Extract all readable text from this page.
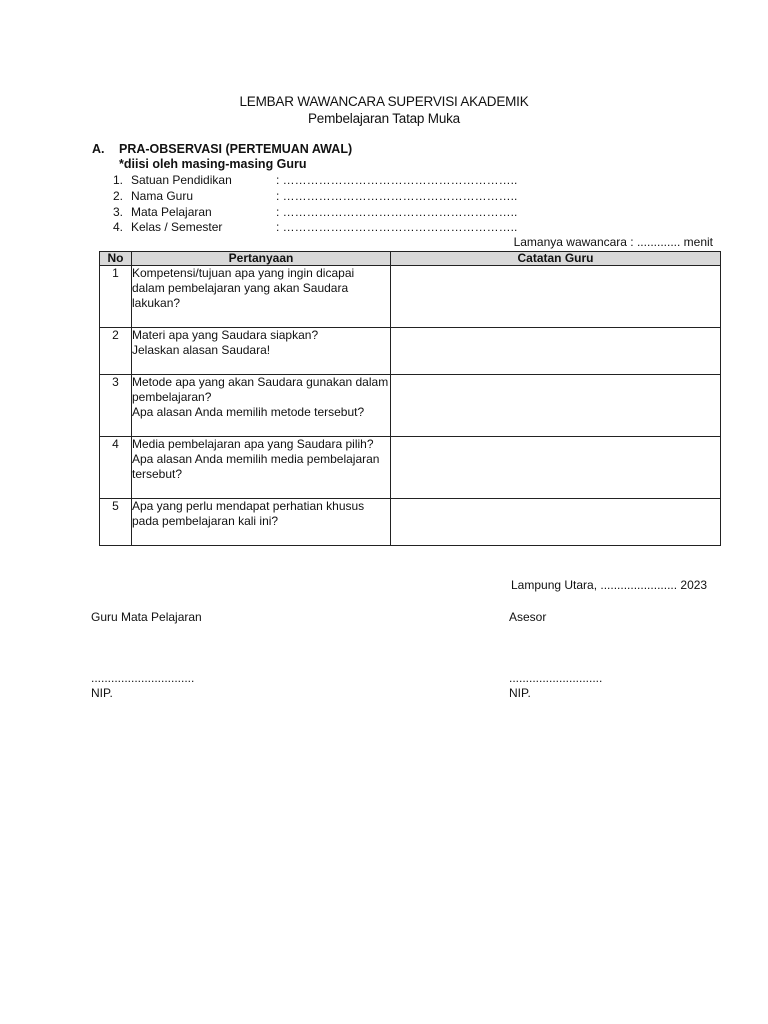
LEMBAR WAWANCARA SUPERVISI AKADEMIK
Pembelajaran Tatap Muka
A. PRA-OBSERVASI (PERTEMUAN AWAL)
*diisi oleh masing-masing Guru
1. Satuan Pendidikan	: …………………………………………………..
2. Nama Guru	: …………………………………………………..
3. Mata Pelajaran	: …………………………………………………..
4. Kelas / Semester	: …………………………………………………..
Lamanya wawancara : ............. menit
No	Pertanyaan	Catatan Guru
1	Kompetensi/tujuan apa yang ingin dicapai dalam pembelajaran yang akan Saudara lakukan?	
2	Materi apa yang Saudara siapkan?
Jelaskan alasan Saudara!	
3	Metode apa yang akan Saudara gunakan dalam pembelajaran?
Apa alasan Anda memilih metode tersebut?	
4	Media pembelajaran apa yang Saudara pilih?
Apa alasan Anda memilih media pembelajaran tersebut?	
5	Apa yang perlu mendapat perhatian khusus pada pembelajaran kali ini?	
Lampung Utara, ....................... 2023
Guru Mata Pelajaran	Asesor
...............................	............................
NIP.	NIP.
